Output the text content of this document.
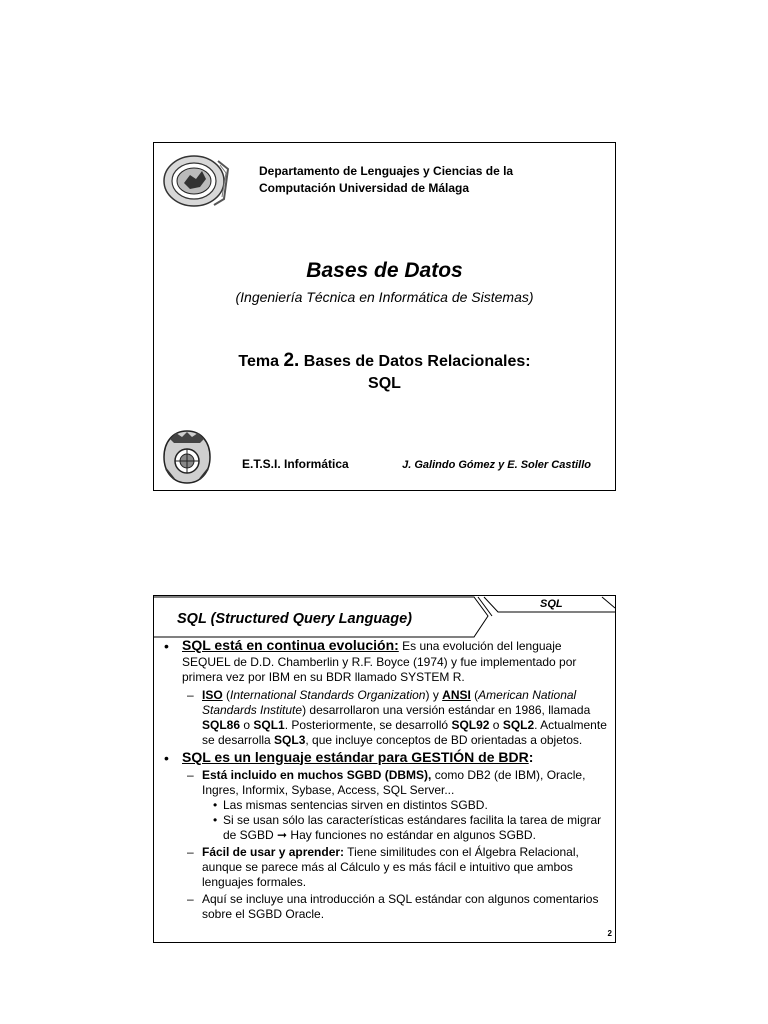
Departamento de Lenguajes y Ciencias de la Computación Universidad de Málaga
Bases de Datos
(Ingeniería Técnica en Informática de Sistemas)
Tema 2. Bases de Datos Relacionales:
SQL
E.T.S.I. Informática	J. Galindo Gómez y E. Soler Castillo
SQL (Structured Query Language)
SQL
• SQL está en continua evolución: Es una evolución del lenguaje SEQUEL de D.D. Chamberlin y R.F. Boyce (1974) y fue implementado por primera vez por IBM en su BDR llamado SYSTEM R.
– ISO (International Standards Organization) y ANSI (American National Standards Institute) desarrollaron una versión estándar en 1986, llamada SQL86 o SQL1. Posteriormente, se desarrolló SQL92 o SQL2. Actualmente se desarrolla SQL3, que incluye conceptos de BD orientadas a objetos.
• SQL es un lenguaje estándar para GESTIÓN de BDR:
– Está incluido en muchos SGBD (DBMS), como DB2 (de IBM), Oracle, Ingres, Informix, Sybase, Access, SQL Server...
• Las mismas sentencias sirven en distintos SGBD.
• Si se usan sólo las características estándares facilita la tarea de migrar de SGBD ➞ Hay funciones no estándar en algunos SGBD.
– Fácil de usar y aprender: Tiene similitudes con el Álgebra Relacional, aunque se parece más al Cálculo y es más fácil e intuitivo que ambos lenguajes formales.
– Aquí se incluye una introducción a SQL estándar con algunos comentarios sobre el SGBD Oracle.
2
